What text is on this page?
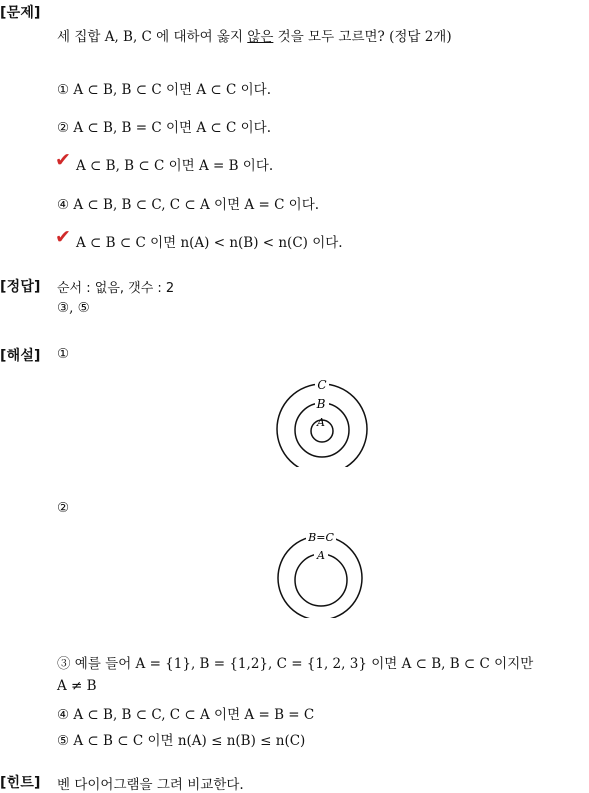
[문제]
세 집합 A, B, C 에 대하여 옳지 않은 것을 모두 고르면? (정답 2개)
① A ⊂ B, B ⊂ C 이면 A ⊂ C 이다.
② A ⊂ B, B = C 이면 A ⊂ C 이다.
✔ A ⊂ B, B ⊂ C 이면 A = B 이다.
④ A ⊂ B, B ⊂ C, C ⊂ A 이면 A = C 이다.
✔ A ⊂ B ⊂ C 이면 n(A) < n(B) < n(C) 이다.
[정답] 순서 : 없음, 갯수 : 2
③, ⑤
[해설] ①
C
B
A
②
B=C
A
③ 예를 들어 A = {1}, B = {1,2}, C = {1, 2, 3} 이면 A ⊂ B, B ⊂ C 이지만
A ≠ B
④ A ⊂ B, B ⊂ C, C ⊂ A 이면 A = B = C
⑤ A ⊂ B ⊂ C 이면 n(A) ≤ n(B) ≤ n(C)
[힌트] 벤 다이어그램을 그려 비교한다.
